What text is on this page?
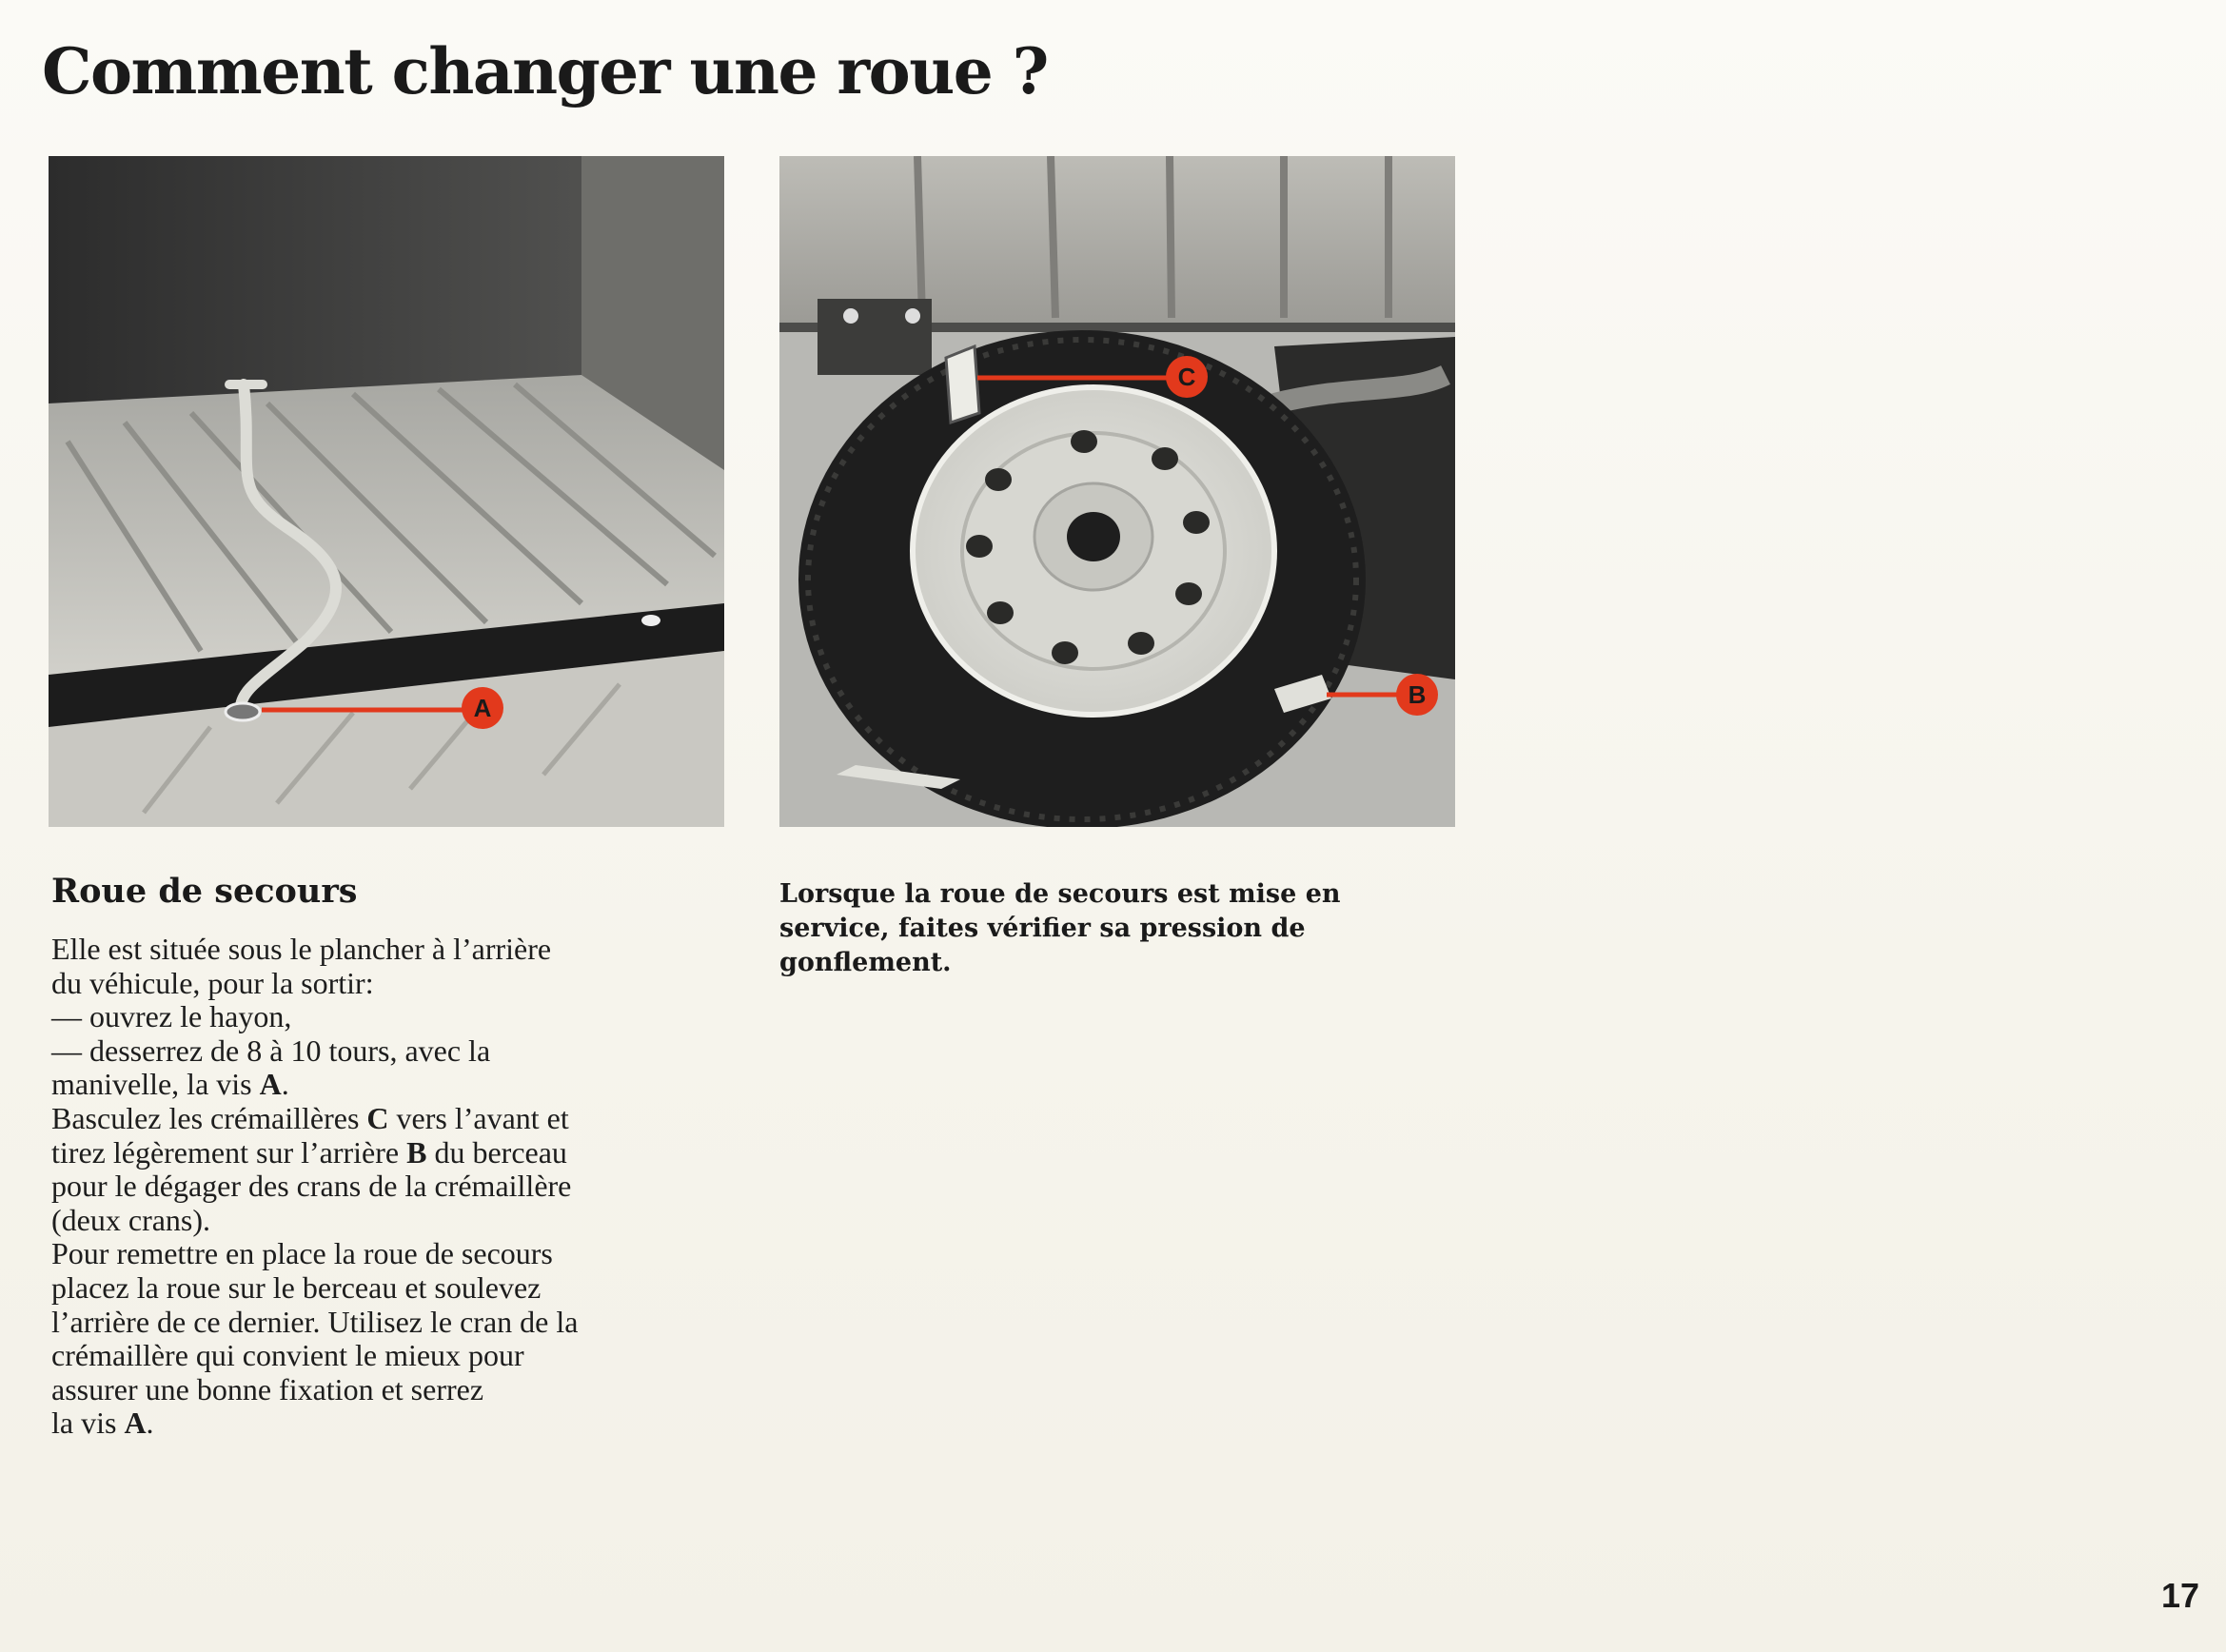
Comment changer une roue ?
A
C
B
Roue de secours
Elle est située sous le plancher à l’arrière
du véhicule, pour la sortir:
— ouvrez le hayon,
— desserrez de 8 à 10 tours, avec la
manivelle, la vis A.
Basculez les crémaillères C vers l’avant et
tirez légèrement sur l’arrière B du berceau
pour le dégager des crans de la crémaillère
(deux crans).
Pour remettre en place la roue de secours
placez la roue sur le berceau et soulevez
l’arrière de ce dernier. Utilisez le cran de la
crémaillère qui convient le mieux pour
assurer une bonne fixation et serrez
la vis A.
Lorsque la roue de secours est mise en
service, faites vérifier sa pression de
gonflement.
17
